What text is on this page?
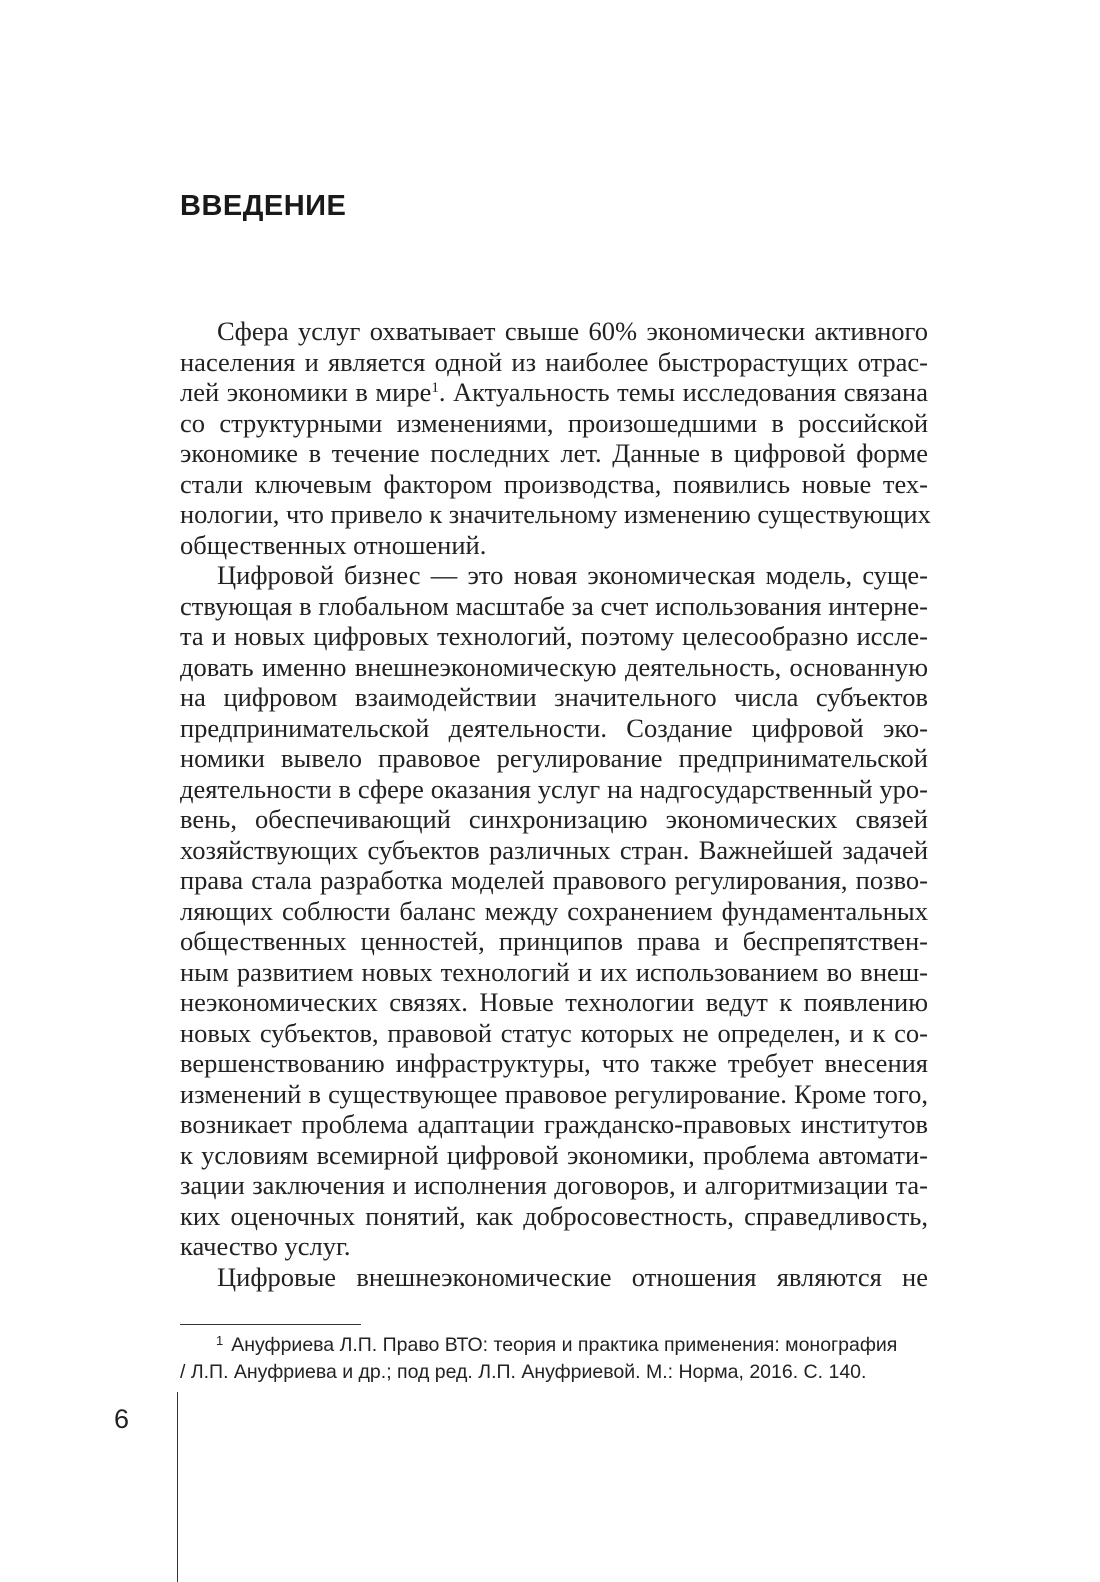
ВВЕДЕНИЕ
Сфера услуг охватывает свыше 60% экономически активного
населения и является одной из наиболее быстрорастущих отрас-
лей экономики в мире$^1$. Актуальность темы исследования связана
со структурными изменениями, произошедшими в российской
экономике в течение последних лет. Данные в цифровой форме
стали ключевым фактором производства, появились новые тех-
нологии, что привело к значительному изменению существующих
общественных отношений.
Цифровой бизнес — это новая экономическая модель, суще-
ствующая в глобальном масштабе за счет использования интерне-
та и новых цифровых технологий, поэтому целесообразно иссле-
довать именно внешнеэкономическую деятельность, основанную
на цифровом взаимодействии значительного числа субъектов
предпринимательской деятельности. Создание цифровой эко-
номики вывело правовое регулирование предпринимательской
деятельности в сфере оказания услуг на надгосударственный уро-
вень, обеспечивающий синхронизацию экономических связей
хозяйствующих субъектов различных стран. Важнейшей задачей
права стала разработка моделей правового регулирования, позво-
ляющих соблюсти баланс между сохранением фундаментальных
общественных ценностей, принципов права и беспрепятствен-
ным развитием новых технологий и их использованием во внеш-
неэкономических связях. Новые технологии ведут к появлению
новых субъектов, правовой статус которых не определен, и к со-
вершенствованию инфраструктуры, что также требует внесения
изменений в существующее правовое регулирование. Кроме того,
возникает проблема адаптации гражданско-правовых институтов
к условиям всемирной цифровой экономики, проблема автомати-
зации заключения и исполнения договоров, и алгоритмизации та-
ких оценочных понятий, как добросовестность, справедливость,
качество услуг.
Цифровые внешнеэкономические отношения являются не
$^1$ Ануфриева Л.П. Право ВТО: теория и практика применения: монография
/ Л.П. Ануфриева и др.; под ред. Л.П. Ануфриевой. М.: Норма, 2016. С. 140.
6
